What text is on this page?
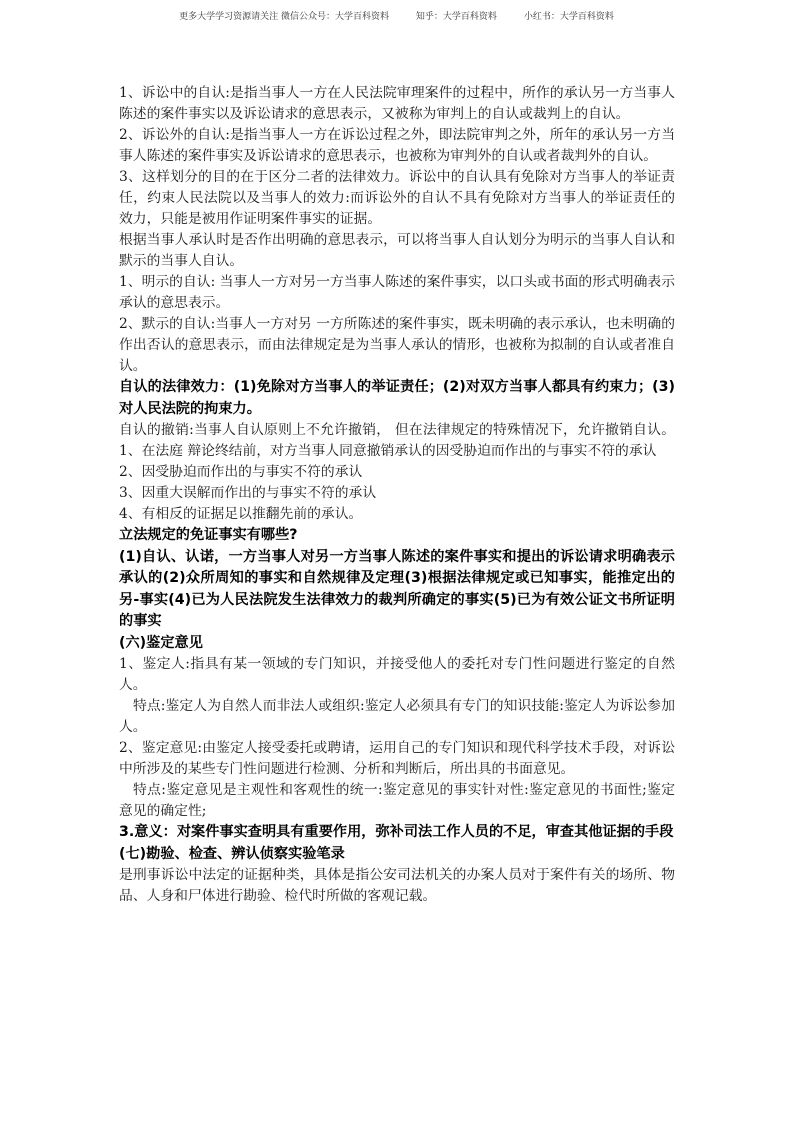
更多大学学习资源请关注 微信公众号：大学百科资料	知乎：大学百科资料	小红书：大学百科资料

1、诉讼中的自认:是指当事人一方在人民法院审理案件的过程中，所作的承认另一方当事人陈述的案件事实以及诉讼请求的意思表示，又被称为审判上的自认或裁判上的自认。

2、诉讼外的自认:是指当事人一方在诉讼过程之外，即法院审判之外，所年的承认另一方当事人陈述的案件事实及诉讼请求的意思表示，也被称为审判外的自认或者裁判外的自认。

3、这样划分的目的在于区分二者的法律效力。诉讼中的自认具有免除对方当事人的举证责任，约束人民法院以及当事人的效力:而诉讼外的自认不具有免除对方当事人的举证责任的效力，只能是被用作证明案件事实的证据。

根据当事人承认时是否作出明确的意思表示，可以将当事人自认划分为明示的当事人自认和默示的当事人自认。

1、明示的自认: 当事人一方对另一方当事人陈述的案件事实，以口头或书面的形式明确表示承认的意思表示。

2、默示的自认:当事人一方对另 一方所陈述的案件事实，既未明确的表示承认，也未明确的作出否认的意思表示，而由法律规定是为当事人承认的情形，也被称为拟制的自认或者准自认。

自认的法律效力：(1)免除对方当事人的举证责任；(2)对双方当事人都具有约束力；(3)对人民法院的拘束力。

自认的撤销:当事人自认原则上不允许撤销， 但在法律规定的特殊情况下，允许撤销自认。1、在法庭 辩论终结前，对方当事人同意撤销承认的因受胁迫而作出的与事实不符的承认

2、因受胁迫而作出的与事实不符的承认

3、因重大误解而作出的与事实不符的承认

4、有相反的证据足以推翻先前的承认。

立法规定的免证事实有哪些?

(1)自认、认诺，一方当事人对另一方当事人陈述的案件事实和提出的诉讼请求明确表示承认的(2)众所周知的事实和自然规律及定理(3)根据法律规定或已知事实，能推定出的另-事实(4)已为人民法院发生法律效力的裁判所确定的事实(5)已为有效公证文书所证明的事实

(六)鉴定意见

1、鉴定人:指具有某一领域的专门知识，并接受他人的委托对专门性问题进行鉴定的自然人。

特点:鉴定人为自然人而非法人或组织:鉴定人必须具有专门的知识技能:鉴定人为诉讼参加人。

2、鉴定意见:由鉴定人接受委托或聘请，运用自己的专门知识和现代科学技术手段，对诉讼中所涉及的某些专门性问题进行检测、分析和判断后，所出具的书面意见。

特点:鉴定意见是主观性和客观性的统一:鉴定意见的事实针对性:鉴定意见的书面性;鉴定意见的确定性;

3.意义：对案件事实查明具有重要作用，弥补司法工作人员的不足，审查其他证据的手段

(七)勘验、检查、辨认侦察实验笔录

是刑事诉讼中法定的证据种类，具体是指公安司法机关的办案人员对于案件有关的场所、物品、人身和尸体进行勘验、检代时所做的客观记载。
